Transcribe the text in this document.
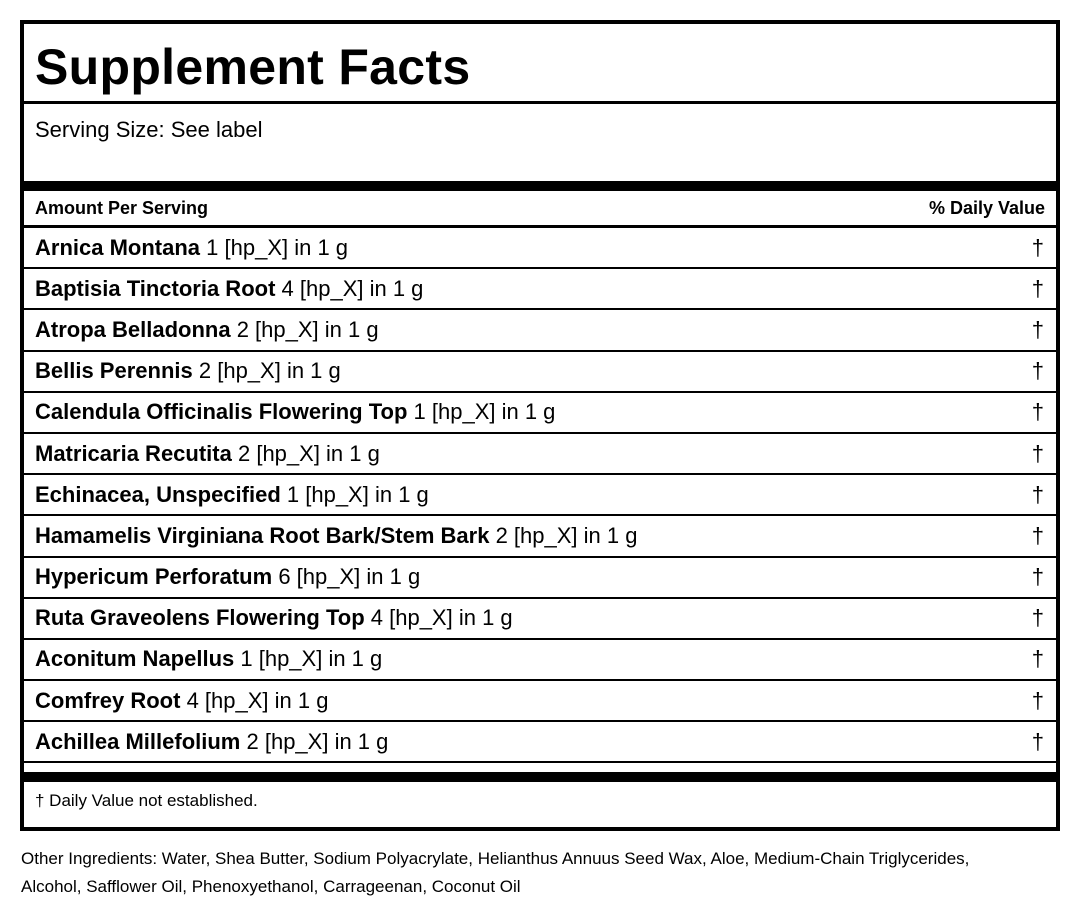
Supplement Facts
Serving Size: See label
Amount Per Serving	% Daily Value
Arnica Montana 1 [hp_X] in 1 g	†
Baptisia Tinctoria Root 4 [hp_X] in 1 g	†
Atropa Belladonna 2 [hp_X] in 1 g	†
Bellis Perennis 2 [hp_X] in 1 g	†
Calendula Officinalis Flowering Top 1 [hp_X] in 1 g	†
Matricaria Recutita 2 [hp_X] in 1 g	†
Echinacea, Unspecified 1 [hp_X] in 1 g	†
Hamamelis Virginiana Root Bark/Stem Bark 2 [hp_X] in 1 g	†
Hypericum Perforatum 6 [hp_X] in 1 g	†
Ruta Graveolens Flowering Top 4 [hp_X] in 1 g	†
Aconitum Napellus 1 [hp_X] in 1 g	†
Comfrey Root 4 [hp_X] in 1 g	†
Achillea Millefolium 2 [hp_X] in 1 g	†
† Daily Value not established.
Other Ingredients: Water, Shea Butter, Sodium Polyacrylate, Helianthus Annuus Seed Wax, Aloe, Medium-Chain Triglycerides, Alcohol, Safflower Oil, Phenoxyethanol, Carrageenan, Coconut Oil
